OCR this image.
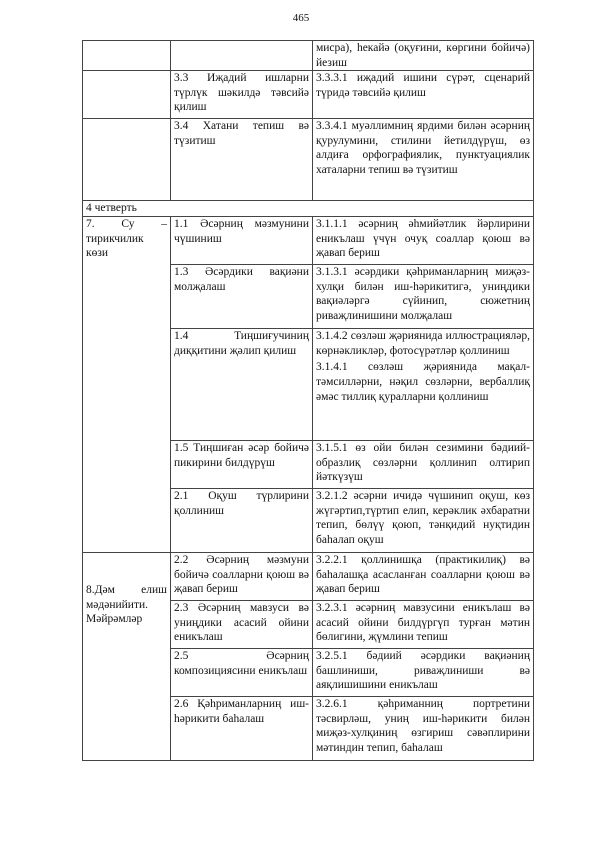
465
		мисра), һекайә (оқуғини, көргини бойичә) йезиш
	3.3 Иҗадий ишларни түрлүк шәкилдә тәвсийә қилиш	3.3.3.1 иҗадий ишини сүрәт, сценарий түридә тәвсийә қилиш
	3.4 Хатани тепиш вә түзитиш	3.3.4.1 муәллимниң ярдими билән әсәрниң қурулумини, стилини йетилдүрүш, өз алдиға орфографиялик, пунктуациялик хаталарни тепиш вә түзитиш
4 четверть		
7. Су – тирикчилик көзи	1.1 Әсәрниң мәзмунини чүшиниш	3.1.1.1 әсәрниң әһмийәтлик йәрлирини еникълаш үчүн очуқ соаллар қоюш вә җавап бериш
	1.3 Әсәрдики вақиәни молҗалаш	3.1.3.1 әсәрдики қәһриманларниң миҗәз-хулқи билән иш-һәрикитигә, униңдики вақиәләргә сүйинип, сюжетниң риваҗлинишини молҗалаш
	1.4 Тиңшиғучиниң диққитини җәлип қилиш	3.1.4.2 сөзләш җәриянида иллюстрацияләр, көрнәкликләр, фотосүрәтләр қоллиниш
3.1.4.1 сөзләш җәриянида мақал-тәмсилләрни, нәқил сөзләрни, вербаллиқ әмәс тиллиқ қуралларни қоллиниш

	1.5 Тиңшиған әсәр бойичә пикирини билдүрүш	3.1.5.1 өз ойи билән сезимини бәдиий- образлиқ сөзләрни қоллинип олтирип йәткүзүш
	2.1 Оқуш түрлирини қоллиниш	3.2.1.2 әсәрни ичидә чүшинип оқуш, көз жүгәртип,түртип елип, керәклик әхбаратни тепип, бөлүү қоюп, тәнқидий нуқтидин баһалап оқуш
8.Дәм елиш мәдәнийити. Мәйрәмләр	2.2 Әсәрниң мәзмуни бойичә соалларни қоюш вә җавап бериш	3.2.2.1 қоллинишқа (практикилиқ) вә баһалашқа асасланған соалларни қоюш вә җавап бериш
	2.3 Әсәрниң мавзуси вә униңдики асасий ойини еникълаш	3.2.3.1 әсәрниң мавзусини еникълаш вә асасий ойини билдүргүп турған мәтин бөлигини, җүмлини тепиш
	2.5 Әсәрниң композициясини еникълаш	3.2.5.1 бәдиий әсәрдики вақиәниң башлиниши, риваҗлиниши вә аяқлишишини еникълаш
	2.6 Қәһриманларниң иш-һәрикити баһалаш	3.2.6.1 қәһриманниң портретини тәсвирләш, униң иш-һәрикити билән миҗәз-хулқиниң өзгириш сәвәплирини мәтиндин тепип, баһалаш
